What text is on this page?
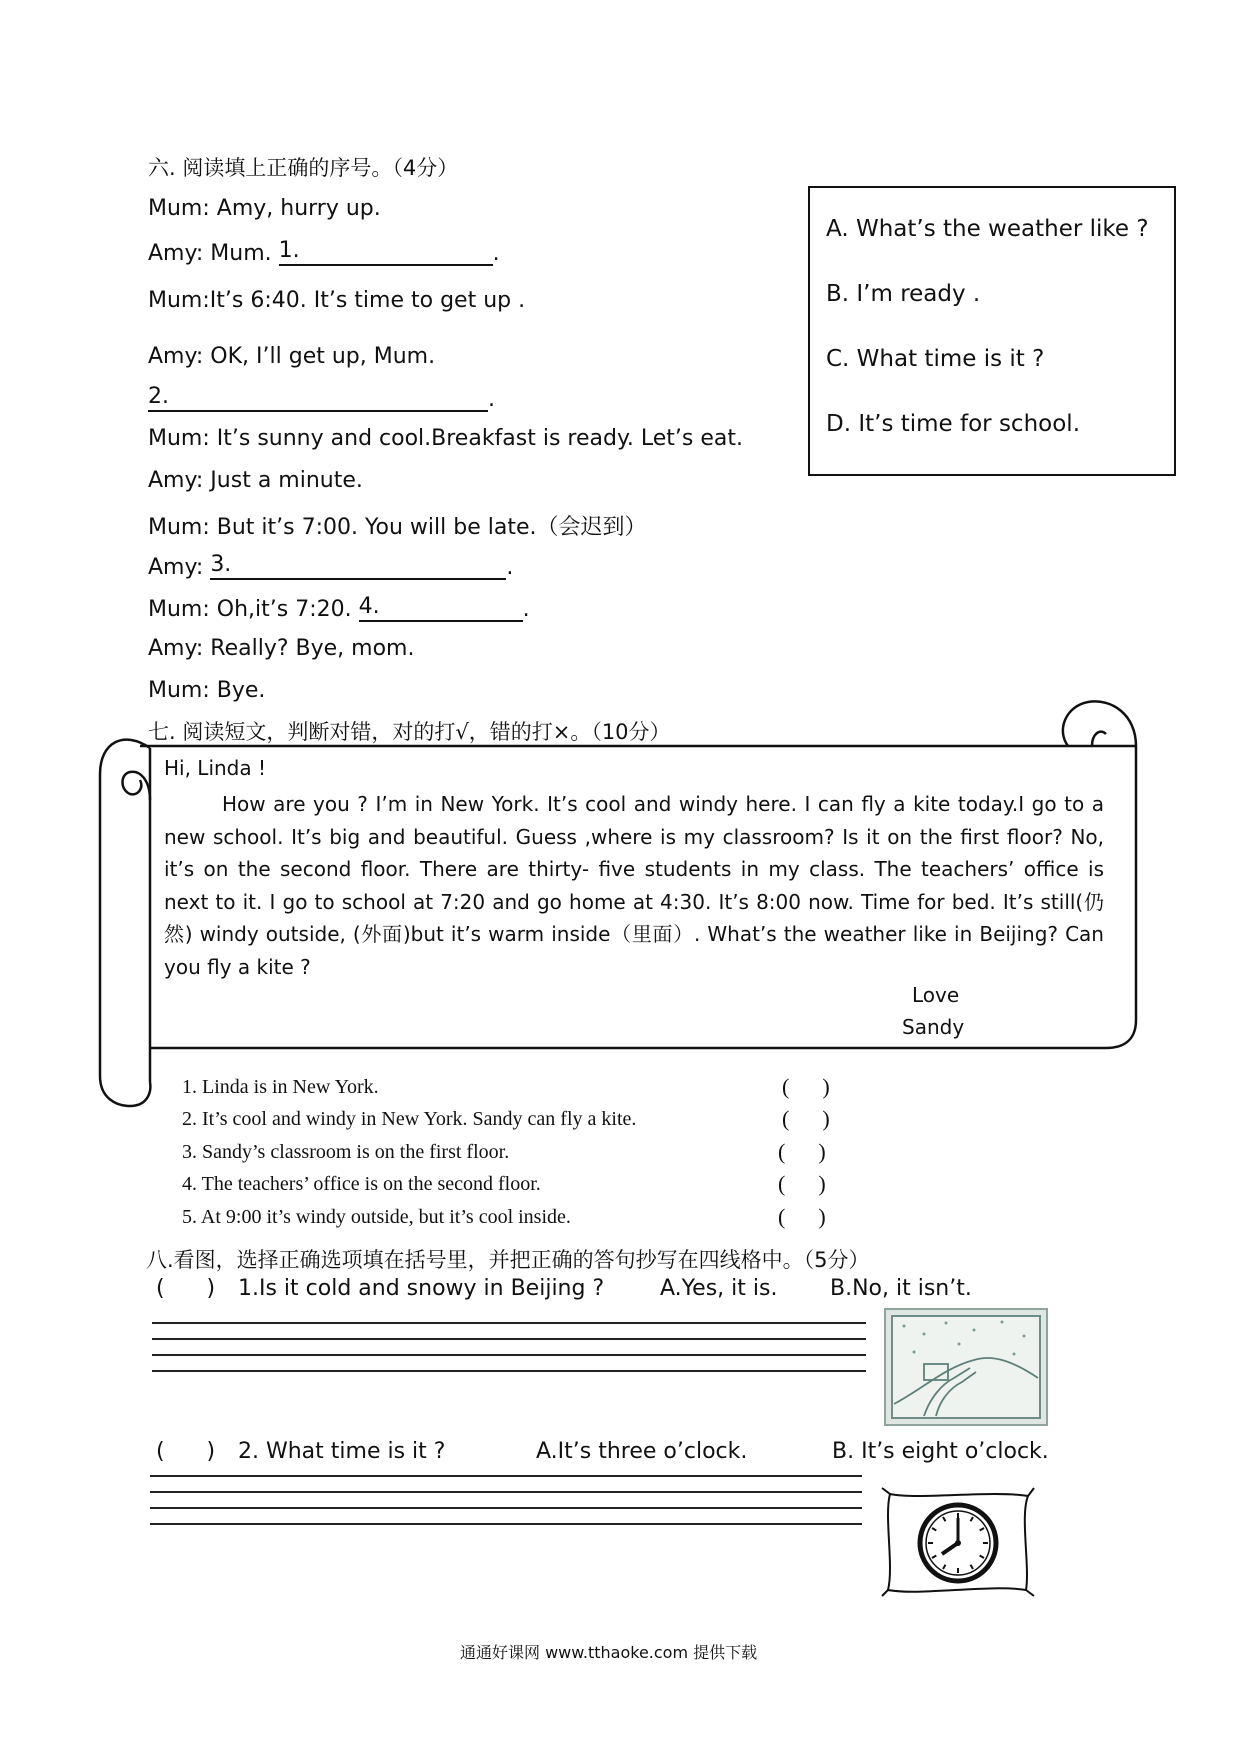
六. 阅读填上正确的序号。（4分）
Mum: Amy, hurry up.
Amy: Mum. 1.	.
Mum:It’s 6:40. It’s time to get up .
Amy: OK, I’ll get up, Mum.
2.	.
Mum: It’s sunny and cool.Breakfast is ready. Let’s eat.
Amy: Just a minute.
Mum: But it’s 7:00. You will be late.（会迟到）
Amy: 3.	.
Mum: Oh,it’s 7:20. 4.	.
Amy: Really? Bye, mom.
Mum: Bye.
A. What’s the weather like ?
B. I’m ready .
C. What time is it ?
D. It’s time for school.
七. 阅读短文，判断对错，对的打√，错的打×。（10分）
Hi, Linda !
How are you ? I’m in New York. It’s cool and windy here. I can fly a kite today.I go to a new school. It’s big and beautiful. Guess ,where is my classroom? Is it on the first floor? No, it’s on the second floor. There are thirty- five students in my class. The teachers’ office is next to it. I go to school at 7:20 and go home at 4:30. It’s 8:00 now. Time for bed. It’s still(仍然) windy outside, (外面)but it’s warm inside（里面）. What’s the weather like in Beijing? Can you fly a kite ?
Love
Sandy
1. Linda is in New York.	(      )
2. It’s cool and windy in New York. Sandy can fly a kite.	(      )
3. Sandy’s classroom is on the first floor.	(      )
4. The teachers’ office is on the second floor.	(      )
5. At 9:00 it’s windy outside, but it’s cool inside.	(      )
八.看图，选择正确选项填在括号里，并把正确的答句抄写在四线格中。（5分）
(      ) 1.Is it cold and snowy in Beijing ?	A.Yes, it is. B.No, it isn’t.
(      ) 2. What time is it ?	A.It’s three o’clock.	B. It’s eight o’clock.
通通好课网 www.tthaoke.com 提供下载
